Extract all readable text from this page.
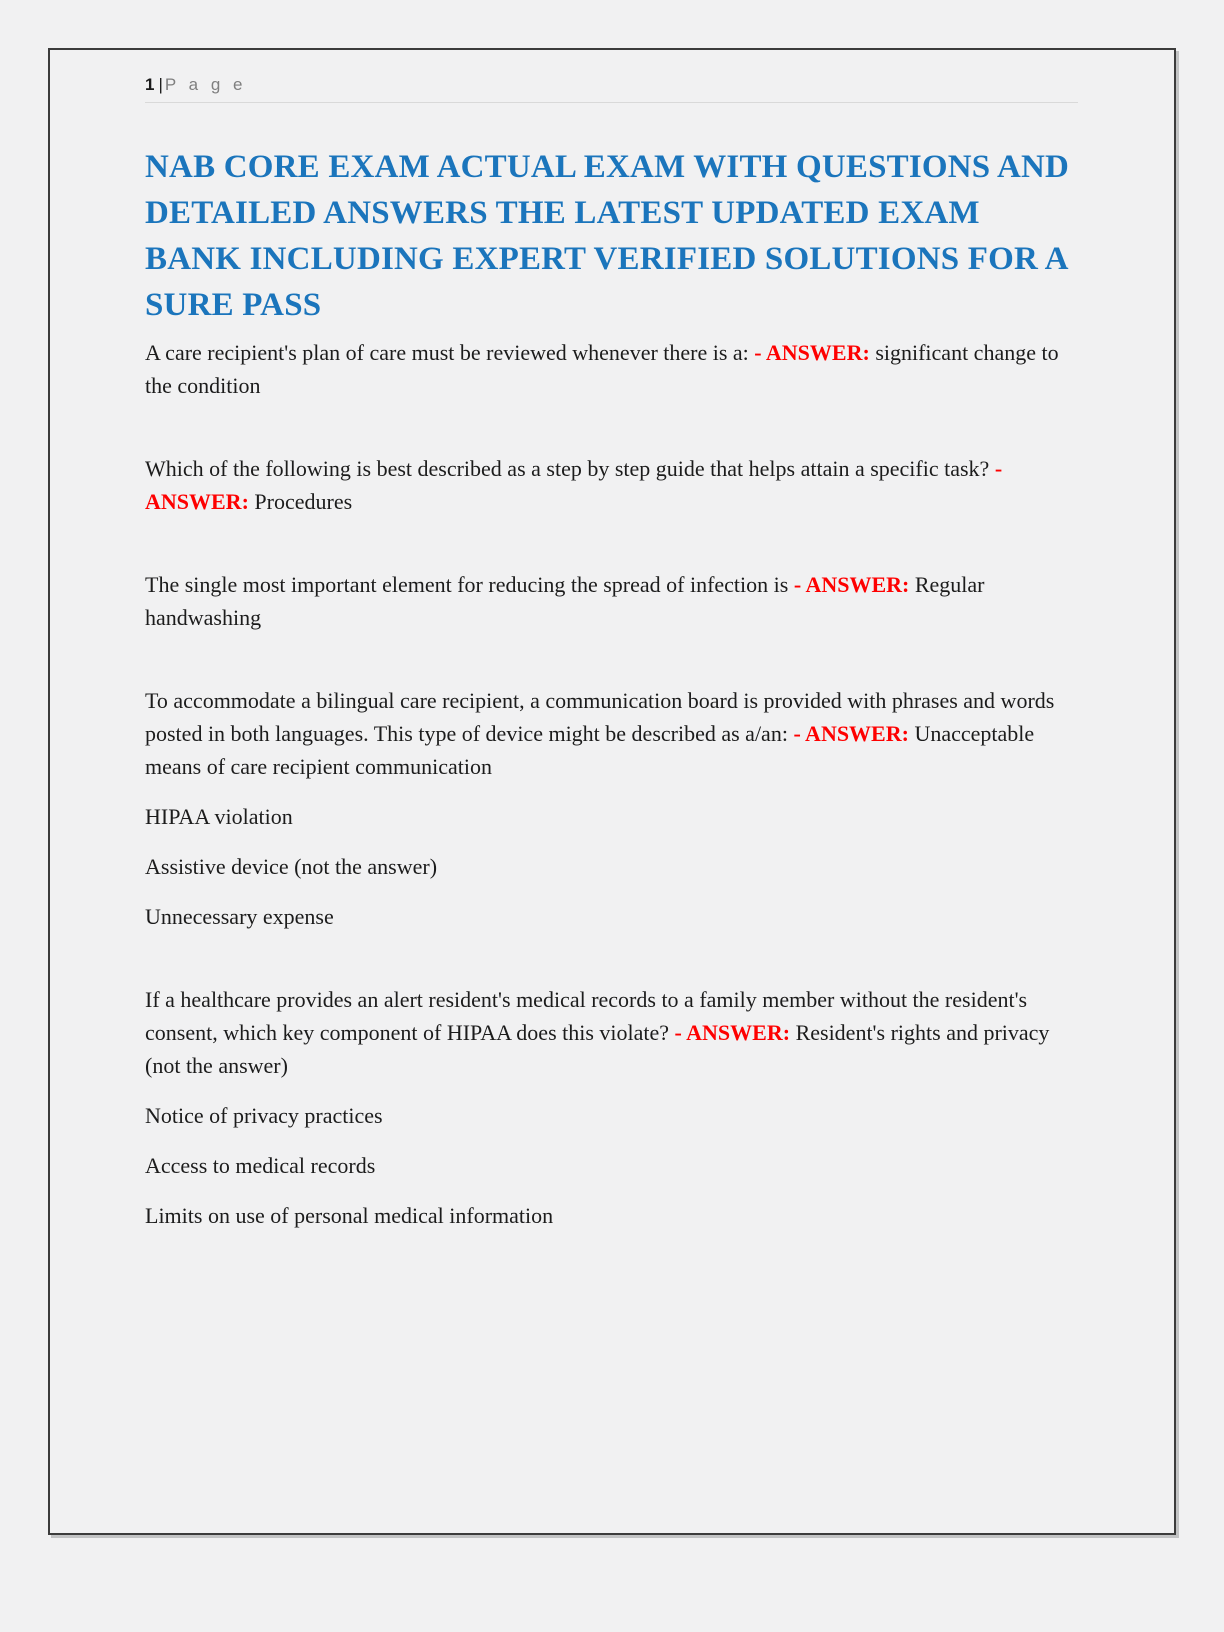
1 | P a g e
NAB CORE EXAM ACTUAL EXAM WITH QUESTIONS AND DETAILED ANSWERS THE LATEST UPDATED EXAM BANK INCLUDING EXPERT VERIFIED SOLUTIONS FOR A SURE PASS

A care recipient's plan of care must be reviewed whenever there is a: - ANSWER: significant change to the condition

Which of the following is best described as a step by step guide that helps attain a specific task? - ANSWER: Procedures

The single most important element for reducing the spread of infection is - ANSWER: Regular handwashing

To accommodate a bilingual care recipient, a communication board is provided with phrases and words posted in both languages. This type of device might be described as a/an: - ANSWER: Unacceptable means of care recipient communication

HIPAA violation

Assistive device (not the answer)

Unnecessary expense

If a healthcare provides an alert resident's medical records to a family member without the resident's consent, which key component of HIPAA does this violate? - ANSWER: Resident's rights and privacy (not the answer)

Notice of privacy practices

Access to medical records

Limits on use of personal medical information
